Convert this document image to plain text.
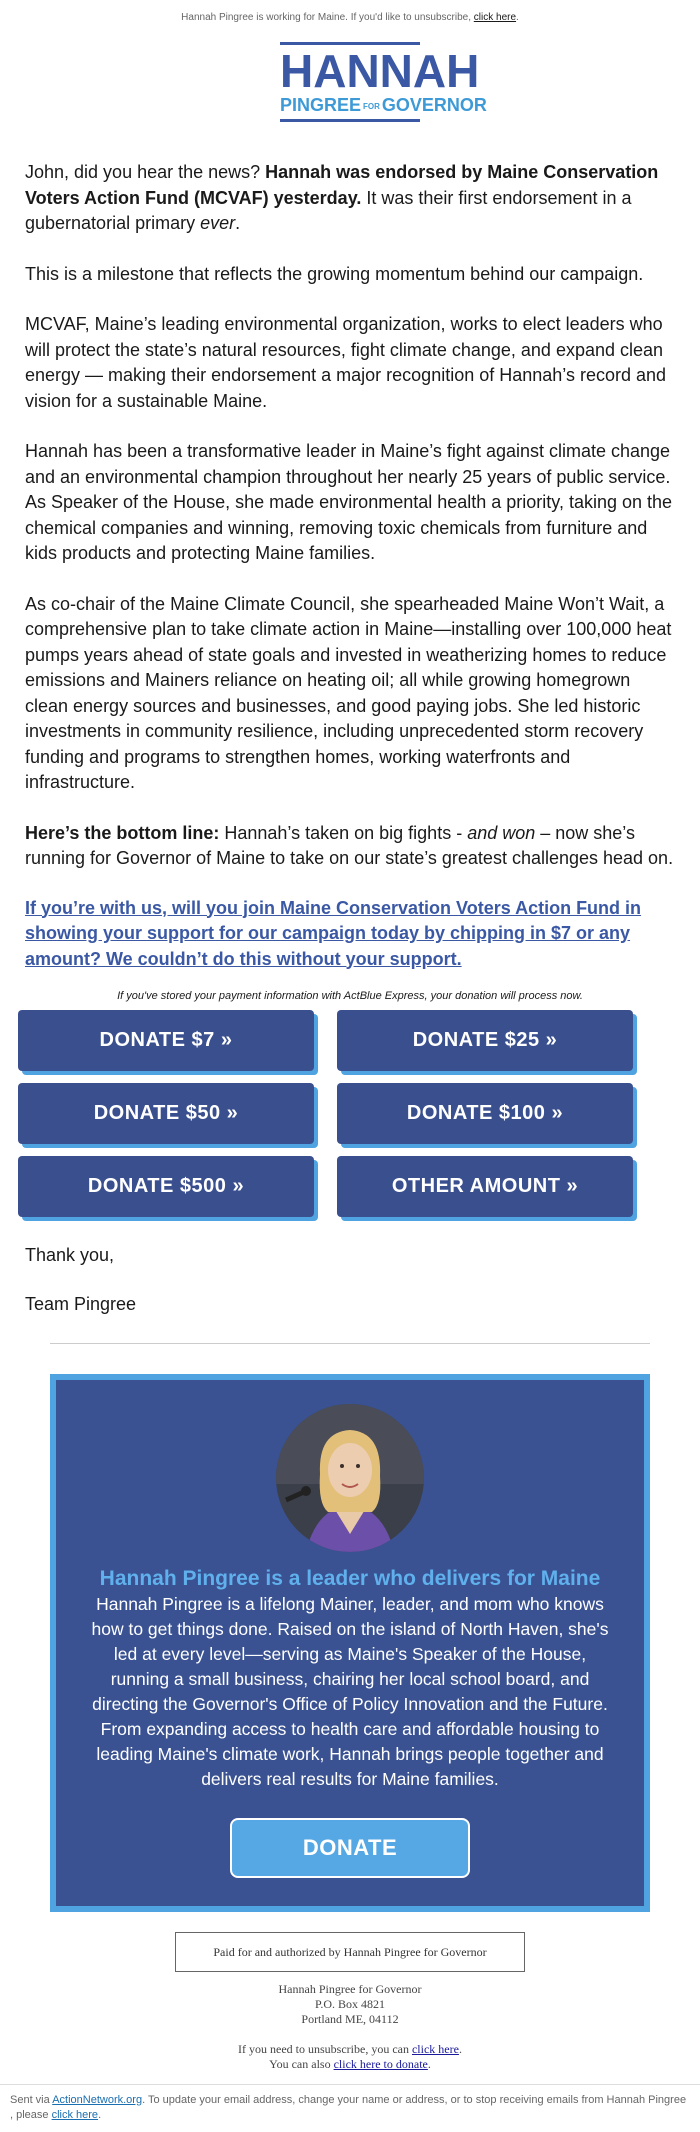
Hannah Pingree is working for Maine. If you'd like to unsubscribe, click here.
HANNAH
PINGREE FOR GOVERNOR

John, did you hear the news? Hannah was endorsed by Maine Conservation Voters Action Fund (MCVAF) yesterday. It was their first endorsement in a gubernatorial primary ever.

This is a milestone that reflects the growing momentum behind our campaign.

MCVAF, Maine’s leading environmental organization, works to elect leaders who will protect the state’s natural resources, fight climate change, and expand clean energy — making their endorsement a major recognition of Hannah’s record and vision for a sustainable Maine.

Hannah has been a transformative leader in Maine’s fight against climate change and an environmental champion throughout her nearly 25 years of public service. As Speaker of the House, she made environmental health a priority, taking on the chemical companies and winning, removing toxic chemicals from furniture and kids products and protecting Maine families.

As co-chair of the Maine Climate Council, she spearheaded Maine Won’t Wait, a comprehensive plan to take climate action in Maine—installing over 100,000 heat pumps years ahead of state goals and invested in weatherizing homes to reduce emissions and Mainers reliance on heating oil; all while growing homegrown clean energy sources and businesses, and good paying jobs. She led historic investments in community resilience, including unprecedented storm recovery funding and programs to strengthen homes, working waterfronts and infrastructure.

Here’s the bottom line: Hannah’s taken on big fights - and won – now she’s running for Governor of Maine to take on our state’s greatest challenges head on.

If you’re with us, will you join Maine Conservation Voters Action Fund in showing your support for our campaign today by chipping in $7 or any amount? We couldn’t do this without your support.
If you've stored your payment information with ActBlue Express, your donation will process now.
DONATE $7 »	DONATE $25 »
DONATE $50 »	DONATE $100 »
DONATE $500 »	OTHER AMOUNT »

Thank you,

Team Pingree

Hannah Pingree is a leader who delivers for Maine
Hannah Pingree is a lifelong Mainer, leader, and mom who knows how to get things done. Raised on the island of North Haven, she's led at every level—serving as Maine's Speaker of the House, running a small business, chairing her local school board, and directing the Governor's Office of Policy Innovation and the Future. From expanding access to health care and affordable housing to leading Maine's climate work, Hannah brings people together and delivers real results for Maine families.
DONATE
Paid for and authorized by Hannah Pingree for Governor
Hannah Pingree for Governor
P.O. Box 4821
Portland ME, 04112
If you need to unsubscribe, you can click here.
You can also click here to donate.
Sent via ActionNetwork.org. To update your email address, change your name or address, or to stop receiving emails from Hannah Pingree , please click here.
